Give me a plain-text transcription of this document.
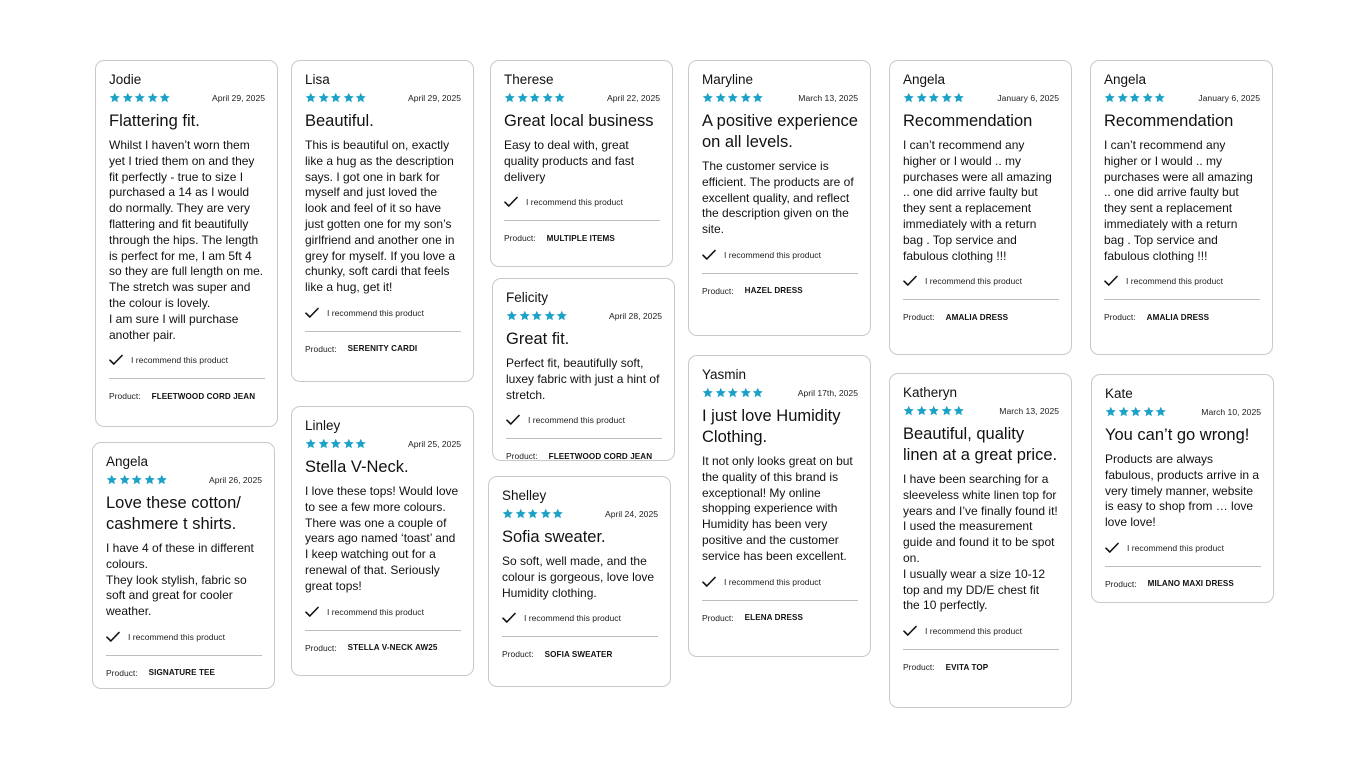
Jodie
April 29, 2025
Flattering fit.
Whilst I haven’t worn them yet I tried them on and they fit perfectly - true to size I purchased a 14 as I would do normally. They are very flattering and fit beautifully through the hips. The length is perfect for me, I am 5ft 4 so they are full length on me. The stretch was super and the colour is lovely.
I am sure I will purchase another pair.
I recommend this product
Product: FLEETWOOD CORD JEAN
Angela
April 26, 2025
Love these cotton/ cashmere t shirts.
I have 4 of these in different colours.
They look stylish, fabric so soft and great for cooler weather.
I recommend this product
Product: SIGNATURE TEE
Lisa
April 29, 2025
Beautiful.
This is beautiful on, exactly like a hug as the description says. I got one in bark for myself and just loved the look and feel of it so have just gotten one for my son’s girlfriend and another one in grey for myself. If you love a chunky, soft cardi that feels like a hug, get it!
I recommend this product
Product: SERENITY CARDI
Linley
April 25, 2025
Stella V-Neck.
I love these tops! Would love to see a few more colours. There was one a couple of years ago named ‘toast’ and I keep watching out for a renewal of that. Seriously great tops!
I recommend this product
Product: STELLA V-NECK AW25
Therese
April 22, 2025
Great local business
Easy to deal with, great quality products and fast delivery
I recommend this product
Product: MULTIPLE ITEMS
Felicity
April 28, 2025
Great fit.
Perfect fit, beautifully soft, luxey fabric with just a hint of stretch.
I recommend this product
Product: FLEETWOOD CORD JEAN
Shelley
April 24, 2025
Sofia sweater.
So soft, well made, and the colour is gorgeous, love love Humidity clothing.
I recommend this product
Product: SOFIA SWEATER
Maryline
March 13, 2025
A positive experience on all levels.
The customer service is efficient. The products are of excellent quality, and reflect the description given on the site.
I recommend this product
Product: HAZEL DRESS
Yasmin
April 17th, 2025
I just love Humidity Clothing.
It not only looks great on but the quality of this brand is exceptional! My online shopping experience with Humidity has been very positive and the customer service has been excellent.
I recommend this product
Product: ELENA DRESS
Angela
January 6, 2025
Recommendation
I can’t recommend any higher or I would .. my purchases were all amazing .. one did arrive faulty but they sent a replacement immediately with a return bag . Top service and fabulous clothing !!!
I recommend this product
Product: AMALIA DRESS
Katheryn
March 13, 2025
Beautiful, quality linen at a great price.
I have been searching for a sleeveless white linen top for years and I’ve finally found it! I used the measurement guide and found it to be spot on.
I usually wear a size 10-12 top and my DD/E chest fit the 10 perfectly.
I recommend this product
Product: EVITA TOP
Angela
January 6, 2025
Recommendation
I can’t recommend any higher or I would .. my purchases were all amazing .. one did arrive faulty but they sent a replacement immediately with a return bag . Top service and fabulous clothing !!!
I recommend this product
Product: AMALIA DRESS
Kate
March 10, 2025
You can’t go wrong!
Products are always fabulous, products arrive in a very timely manner, website is easy to shop from … love love love!
I recommend this product
Product: MILANO MAXI DRESS
